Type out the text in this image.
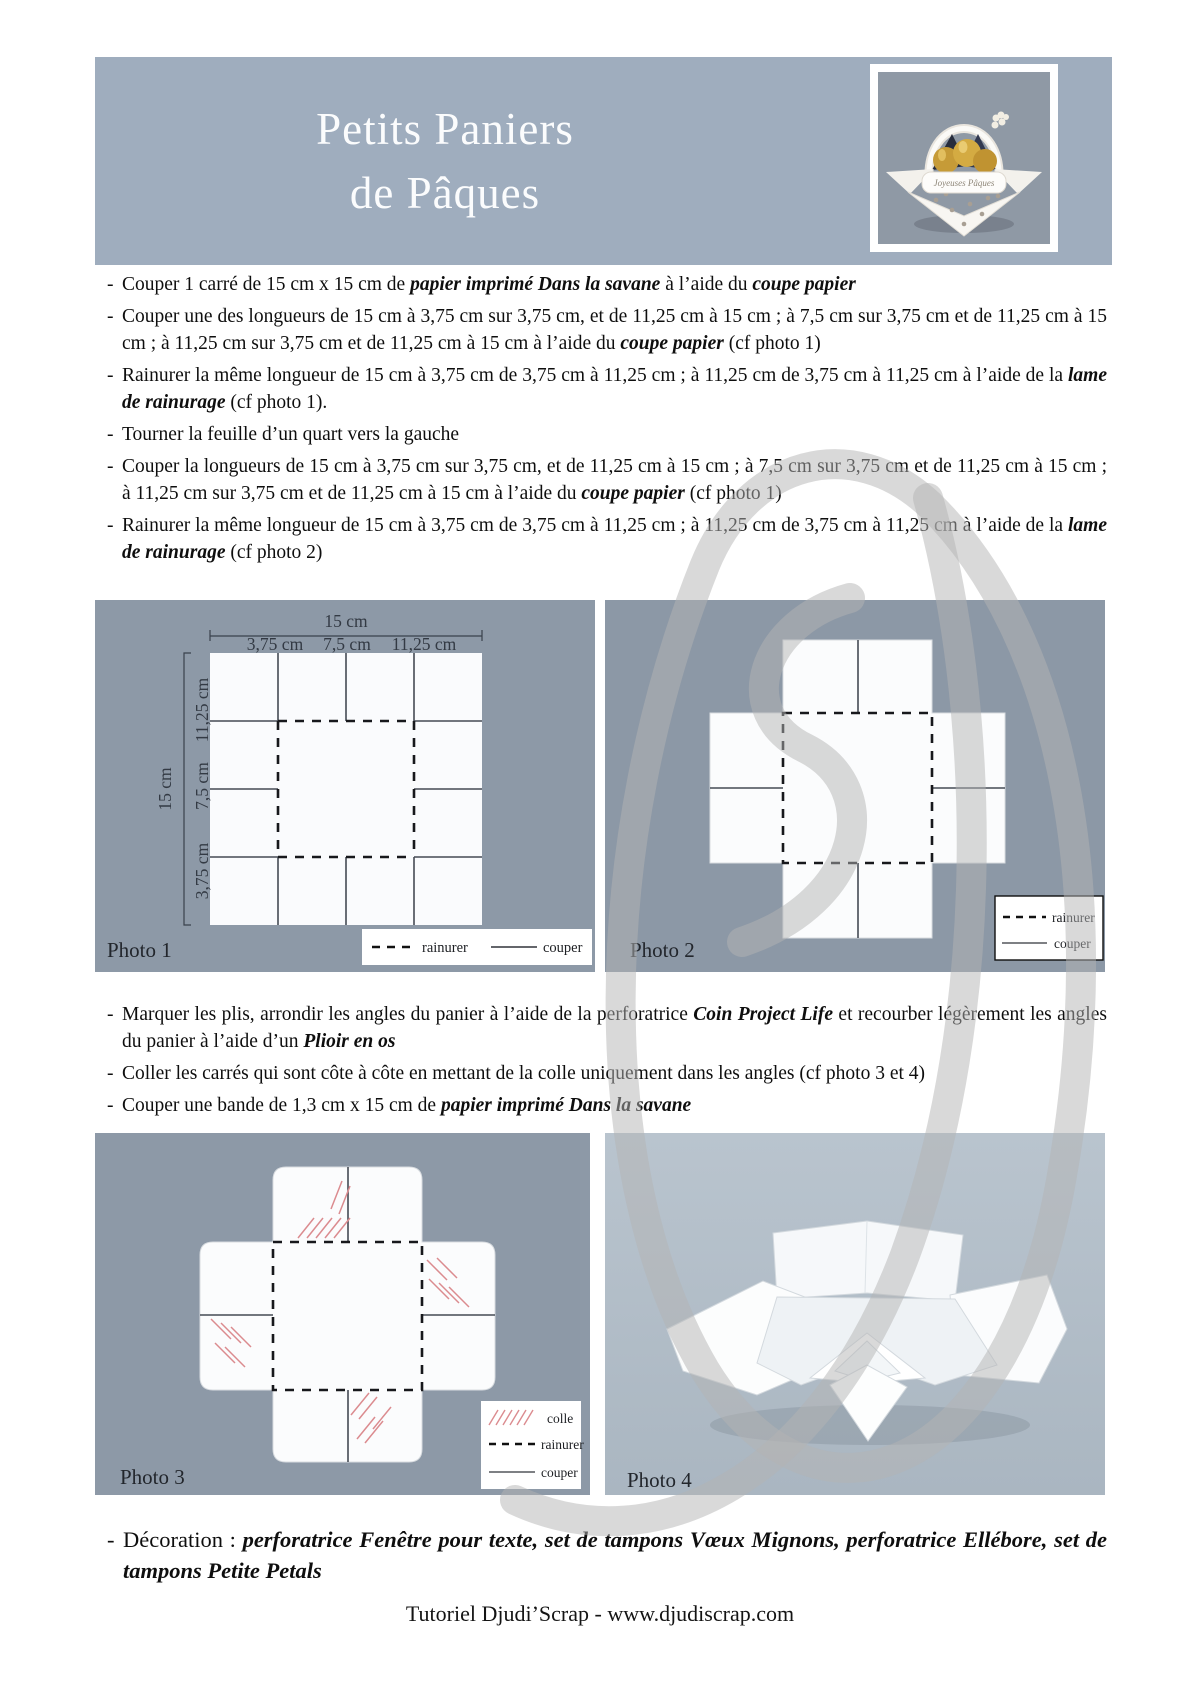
Petits Paniers
de Pâques	Joyeuses Pâques
- Couper 1 carré de 15 cm x 15 cm de papier imprimé Dans la savane à l’aide du coupe papier
- Couper une des longueurs de 15 cm à 3,75 cm sur 3,75 cm, et de 11,25 cm à 15 cm ; à 7,5 cm sur 3,75 cm et de 11,25 cm à 15 cm ; à 11,25 cm sur 3,75 cm et de 11,25 cm à 15 cm à l’aide du coupe papier (cf photo 1)
- Rainurer la même longueur de 15 cm à 3,75 cm de 3,75 cm à 11,25 cm ; à 11,25 cm de 3,75 cm à 11,25 cm à l’aide de la lame de rainurage (cf photo 1).
- Tourner la feuille d’un quart vers la gauche
- Couper la longueurs de 15 cm à 3,75 cm sur 3,75 cm, et de 11,25 cm à 15 cm ; à 7,5 cm sur 3,75 cm et de 11,25 cm à 15 cm ; à 11,25 cm sur 3,75 cm et de 11,25 cm à 15 cm à l’aide du coupe papier (cf photo 1)
- Rainurer la même longueur de 15 cm à 3,75 cm de 3,75 cm à 11,25 cm ; à 11,25 cm de 3,75 cm à 11,25 cm à l’aide de la lame de rainurage (cf photo 2)
15 cm
3,75 cm 7,5 cm 11,25 cm
15 cm
11,25 cm
7,5 cm
3,75 cm
rainurer	couper
Photo 1
rainurer
couper
Photo 2
- Marquer les plis, arrondir les angles du panier à l’aide de la perforatrice Coin Project Life et recourber légèrement les angles du panier à l’aide d’un Plioir en os
- Coller les carrés qui sont côte à côte en mettant de la colle uniquement dans les angles (cf photo 3 et 4)
- Couper une bande de 1,3 cm x 15 cm de papier imprimé Dans la savane
colle
rainurer
couper
Photo 3	Photo 4
- Décoration : perforatrice Fenêtre pour texte, set de tampons Vœux Mignons, perforatrice Ellébore, set de tampons Petite Petals
Tutoriel Djudi’Scrap - www.djudiscrap.com
